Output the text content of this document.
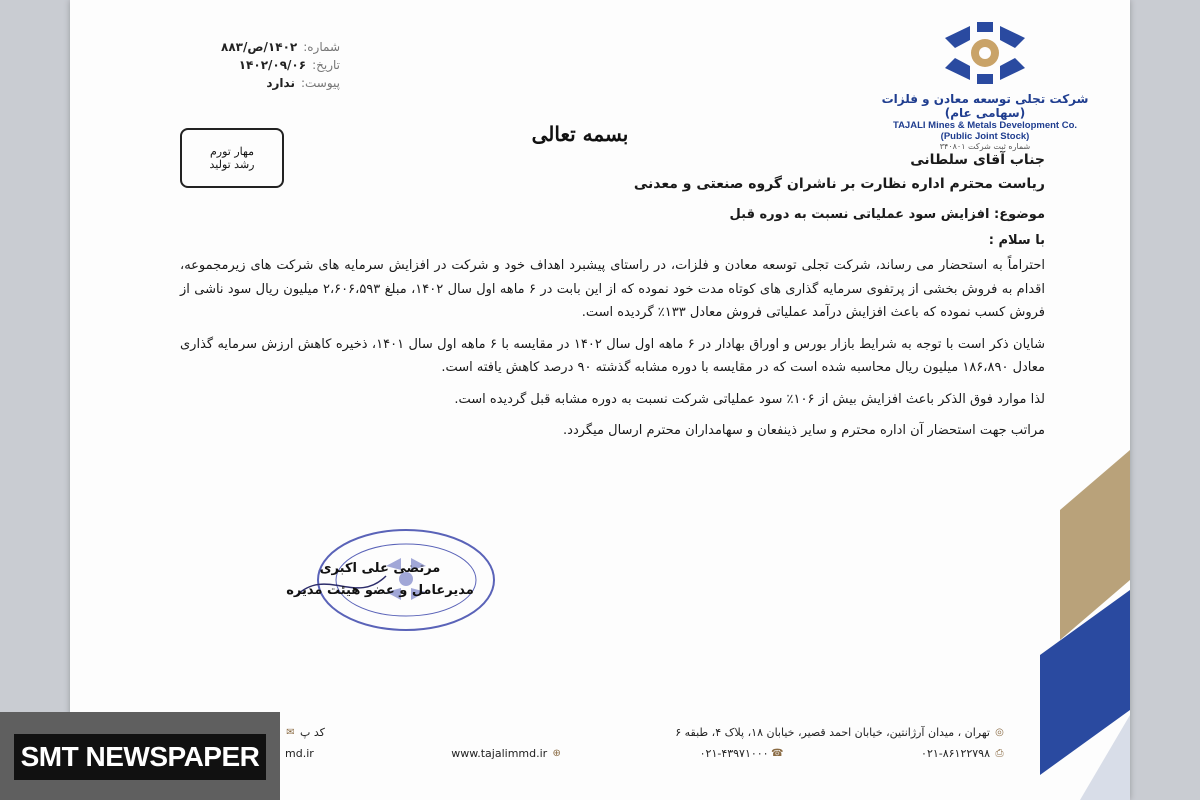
شماره:
۱۴۰۲/ص/۸۸۳
تاریخ:
۱۴۰۲/۰۹/۰۶
پیوست:
ندارد
شرکت تجلی توسعه معادن و فلزات (سهامی عام)
TAJALI Mines & Metals Development Co.
(Public Joint Stock)
شماره ثبت شرکت ۳۴۰۸۰۱
مهار تورم
رشد تولید
بسمه تعالی
جناب آقای سلطانی
ریاست محترم اداره نظارت بر ناشران گروه صنعتی و معدنی
موضوع: افزایش سود عملیاتی نسبت به دوره قبل
با سلام :
احتراماً به استحضار می رساند، شرکت تجلی توسعه معادن و فلزات، در راستای پیشبرد اهداف خود و شرکت در افزایش سرمایه های شرکت های زیرمجموعه، اقدام به فروش بخشی از پرتفوی سرمایه گذاری های کوتاه مدت خود نموده که از این بابت در ۶ ماهه اول سال ۱۴۰۲، مبلغ ۲،۶۰۶،۵۹۳ میلیون ریال سود ناشی از فروش کسب نموده که باعث افزایش درآمد عملیاتی فروش معادل ۱۳۳٪ گردیده است.
شایان ذکر است با توجه به شرایط بازار بورس و اوراق بهادار در ۶ ماهه اول سال ۱۴۰۲ در مقایسه با ۶ ماهه اول سال ۱۴۰۱، ذخیره کاهش ارزش سرمایه گذاری معادل ۱۸۶،۸۹۰ میلیون ریال محاسبه شده است که در مقایسه با دوره مشابه گذشته ۹۰ درصد کاهش یافته است.
لذا موارد فوق الذکر باعث افزایش بیش از ۱۰۶٪ سود عملیاتی شرکت نسبت به دوره مشابه قبل گردیده است.
مراتب جهت استحضار آن اداره محترم و سایر ذینفعان و سهامداران محترم ارسال میگردد.
مرتضی علی اکبری
مدیرعامل و عضو هیئت مدیره
◎
تهران ، میدان آرژانتین، خیابان احمد قصیر، خیابان ۱۸، پلاک ۴، طبقه ۶
کد پ
✉
⎙
۰۲۱-۸۶۱۲۲۷۹۸
☎
۰۲۱-۴۳۹۷۱۰۰۰
⊕
www.tajalimmd.ir
md.ir
SMT NEWSPAPER
